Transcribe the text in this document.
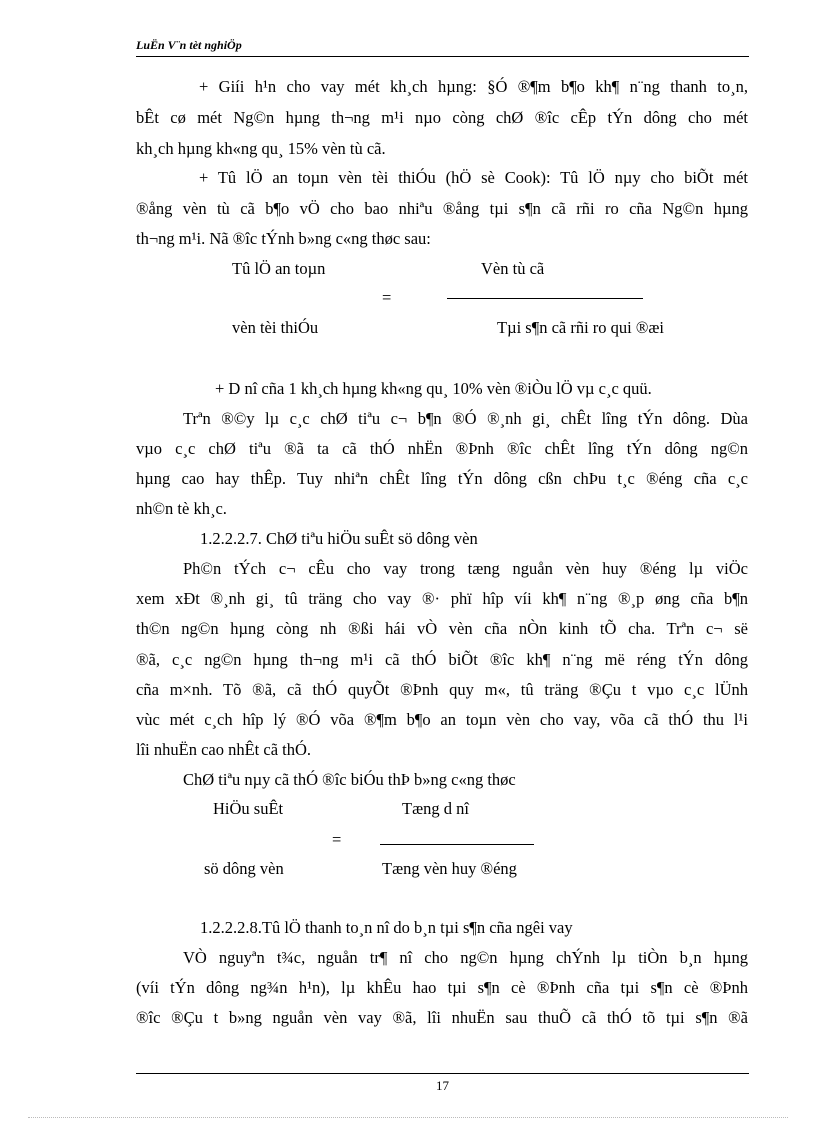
LuËn V¨n tèt nghiÖp
+ Giíi h¹n cho vay mét kh¸ch hµng: §Ó ®¶m b¶o kh¶ n¨ng thanh to¸n,
bÊt cø mét Ng©n hµng th¬ng m¹i nµo còng chØ ®îc cÊp tÝn dông cho mét
kh¸ch hµng kh«ng qu¸ 15% vèn tù cã.
+ Tû lÖ an toµn vèn tèi thiÓu (hÖ sè Cook): Tû lÖ nµy cho biÕt mét
®ång vèn tù cã b¶o vÖ cho bao nhiªu ®ång tµi s¶n cã rñi ro cña Ng©n hµng
th¬ng m¹i. Nã ®îc tÝnh b»ng c«ng thøc sau:
Tû lÖ an toµn	Vèn tù cã
=
vèn tèi thiÓu	Tµi s¶n cã rñi ro qui ®æi
+ D nî cña 1 kh¸ch hµng kh«ng qu¸ 10% vèn ®iÒu lÖ vµ c¸c quü.
Trªn ®©y lµ c¸c chØ tiªu c¬ b¶n ®Ó ®¸nh gi¸ chÊt lîng tÝn dông. Dùa
vµo c¸c chØ tiªu ®ã ta cã thÓ nhËn ®Þnh ®îc chÊt lîng tÝn dông ng©n
hµng cao hay thÊp. Tuy nhiªn chÊt lîng tÝn dông cßn chÞu t¸c ®éng cña c¸c
nh©n tè kh¸c.
1.2.2.2.7. ChØ tiªu hiÖu suÊt sö dông vèn
Ph©n tÝch c¬ cÊu cho vay trong tæng nguån vèn huy ®éng lµ viÖc
xem xÐt ®¸nh gi¸ tû träng cho vay ®· phï hîp víi kh¶ n¨ng ®¸p øng cña b¶n
th©n ng©n hµng còng nh ®ßi hái vÒ vèn cña nÒn kinh tÕ cha. Trªn c¬ së
®ã, c¸c ng©n hµng th¬ng m¹i cã thÓ biÕt ®îc kh¶ n¨ng më réng tÝn dông
cña m×nh. Tõ ®ã, cã thÓ quyÕt ®Þnh quy m«, tû träng ®Çu t vµo c¸c lÜnh
vùc mét c¸ch hîp lý ®Ó võa ®¶m b¶o an toµn vèn cho vay, võa cã thÓ thu l¹i
lîi nhuËn cao nhÊt cã thÓ.
ChØ tiªu nµy cã thÓ ®îc biÓu thÞ b»ng c«ng thøc
HiÖu suÊt	Tæng d nî
=
sö dông vèn	Tæng vèn huy ®éng
1.2.2.2.8.Tû lÖ thanh to¸n nî do b¸n tµi s¶n cña ngêi vay
VÒ nguyªn t¾c, nguån tr¶ nî cho ng©n hµng chÝnh lµ tiÒn b¸n hµng
(víi tÝn dông ng¾n h¹n), lµ khÊu hao tµi s¶n cè ®Þnh cña tµi s¶n cè ®Þnh
®îc ®Çu t b»ng nguån vèn vay ®ã, lîi nhuËn sau thuÕ cã thÓ tõ tµi s¶n ®ã
17
